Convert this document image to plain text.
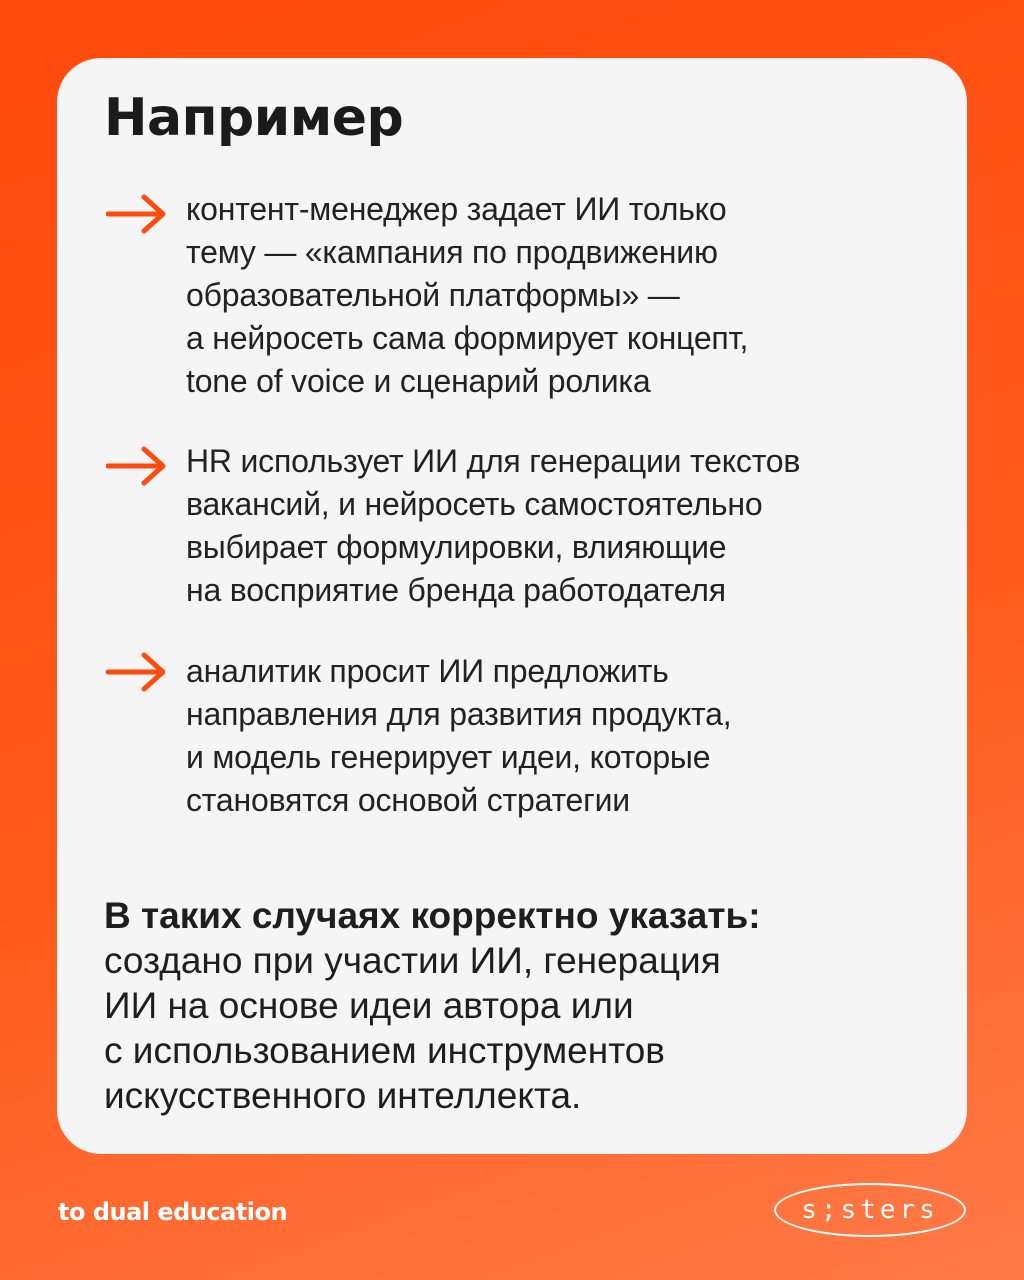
Например
контент-менеджер задает ИИ только
тему — «кампания по продвижению
образовательной платформы» —
а нейросеть сама формирует концепт,
tone of voice и сценарий ролика
HR использует ИИ для генерации текстов
вакансий, и нейросеть самостоятельно
выбирает формулировки, влияющие
на восприятие бренда работодателя
аналитик просит ИИ предложить
направления для развития продукта,
и модель генерирует идеи, которые
становятся основой стратегии
В таких случаях корректно указать:
создано при участии ИИ, генерация
ИИ на основе идеи автора или
с использованием инструментов
искусственного интеллекта.
to dual education	s;sters
